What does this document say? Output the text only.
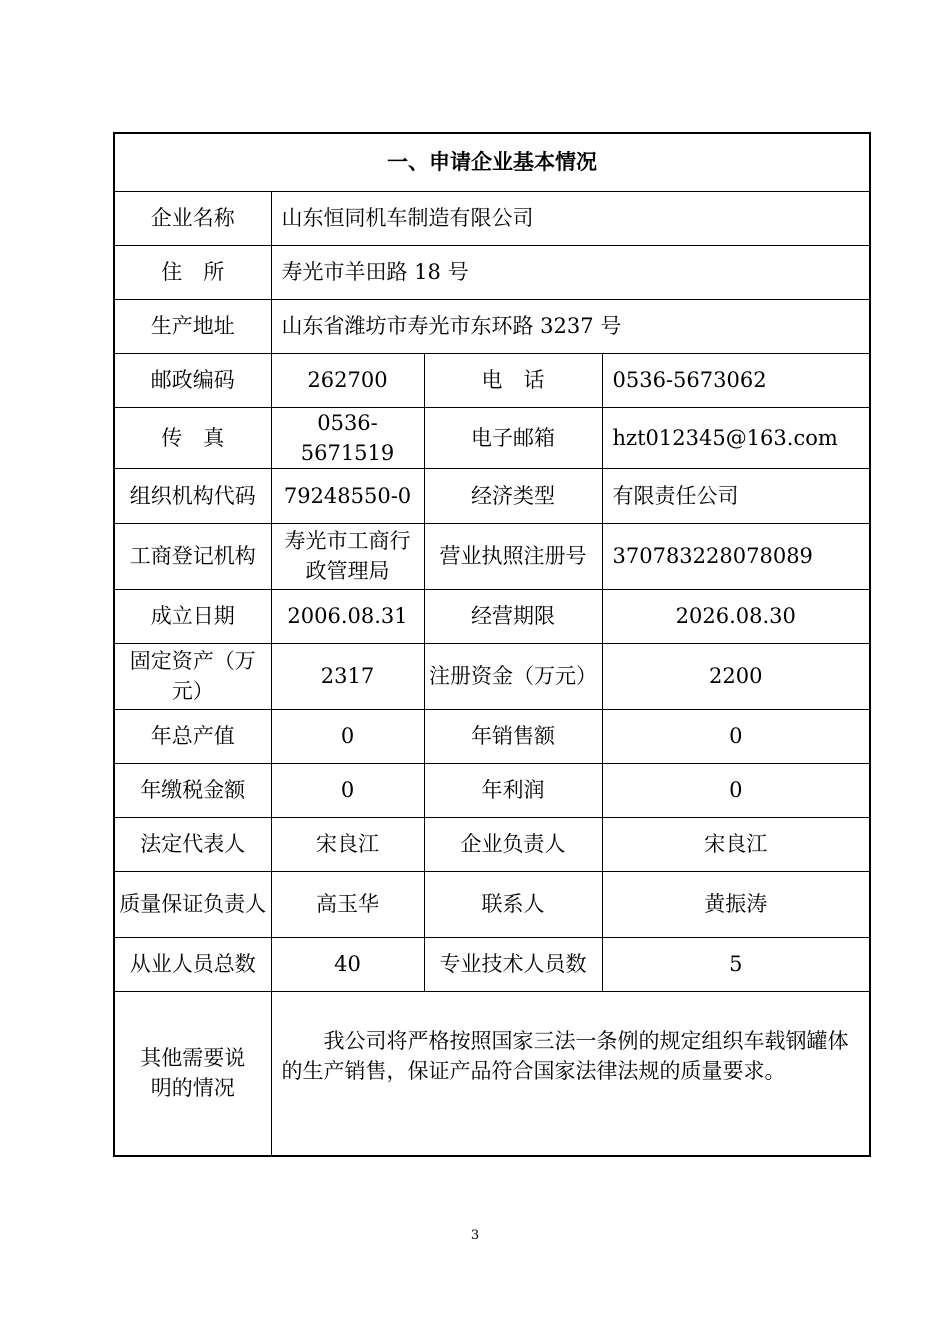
一、申请企业基本情况			
企业名称	山东恒同机车制造有限公司		
住　所	寿光市羊田路 18 号		
生产地址	山东省潍坊市寿光市东环路 3237 号		
邮政编码	262700	电　话	0536-5673062
传　真	0536-5671519	电子邮箱	hzt012345@163.com
组织机构代码	79248550-0	经济类型	有限责任公司
工商登记机构	寿光市工商行政管理局	营业执照注册号	370783228078089
成立日期	2006.08.31	经营期限	2026.08.30
固定资产（万元）	2317	注册资金（万元）	2200
年总产值	0	年销售额	0
年缴税金额	0	年利润	0
法定代表人	宋良江	企业负责人	宋良江
质量保证负责人	高玉华	联系人	黄振涛
从业人员总数	40	专业技术人员数	5
其他需要说明的情况	我公司将严格按照国家三法一条例的规定组织车载钢罐体的生产销售，保证产品符合国家法律法规的质量要求。		
3
